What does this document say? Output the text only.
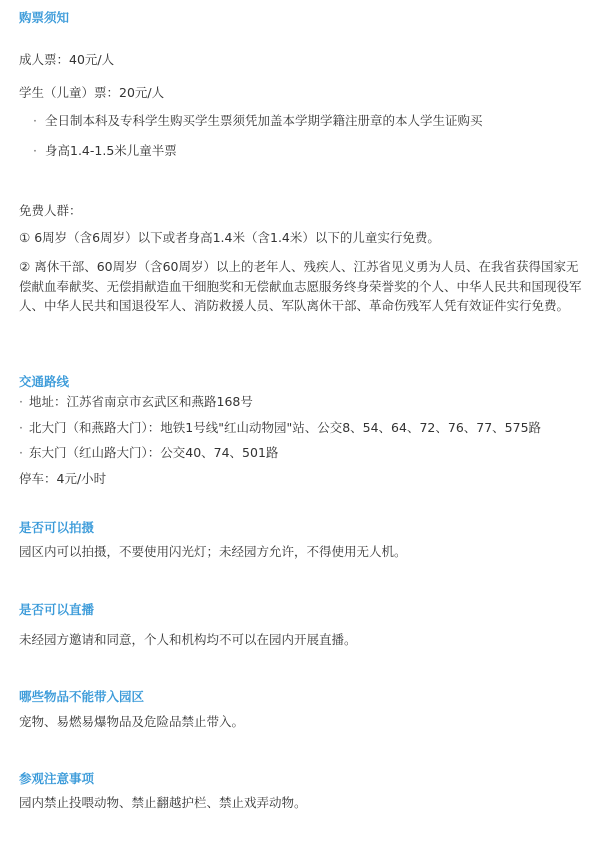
购票须知
成人票：40元/人
学生（儿童）票：20元/人
· 全日制本科及专科学生购买学生票须凭加盖本学期学籍注册章的本人学生证购买
· 身高1.4-1.5米儿童半票
免费人群：
① 6周岁（含6周岁）以下或者身高1.4米（含1.4米）以下的儿童实行免费。
② 离休干部、60周岁（含60周岁）以上的老年人、残疾人、江苏省见义勇为人员、在我省获得国家无偿献血奉献奖、无偿捐献造血干细胞奖和无偿献血志愿服务终身荣誉奖的个人、中华人民共和国现役军人、中华人民共和国退役军人、消防救援人员、军队离休干部、革命伤残军人凭有效证件实行免费。
交通路线
· 地址：江苏省南京市玄武区和燕路168号
· 北大门（和燕路大门）：地铁1号线"红山动物园"站、公交8、54、64、72、76、77、575路
· 东大门（红山路大门）：公交40、74、501路
停车：4元/小时
是否可以拍摄
园区内可以拍摄，不要使用闪光灯；未经园方允许，不得使用无人机。
是否可以直播
未经园方邀请和同意，个人和机构均不可以在园内开展直播。
哪些物品不能带入园区
宠物、易燃易爆物品及危险品禁止带入。
参观注意事项
园内禁止投喂动物、禁止翻越护栏、禁止戏弄动物。
